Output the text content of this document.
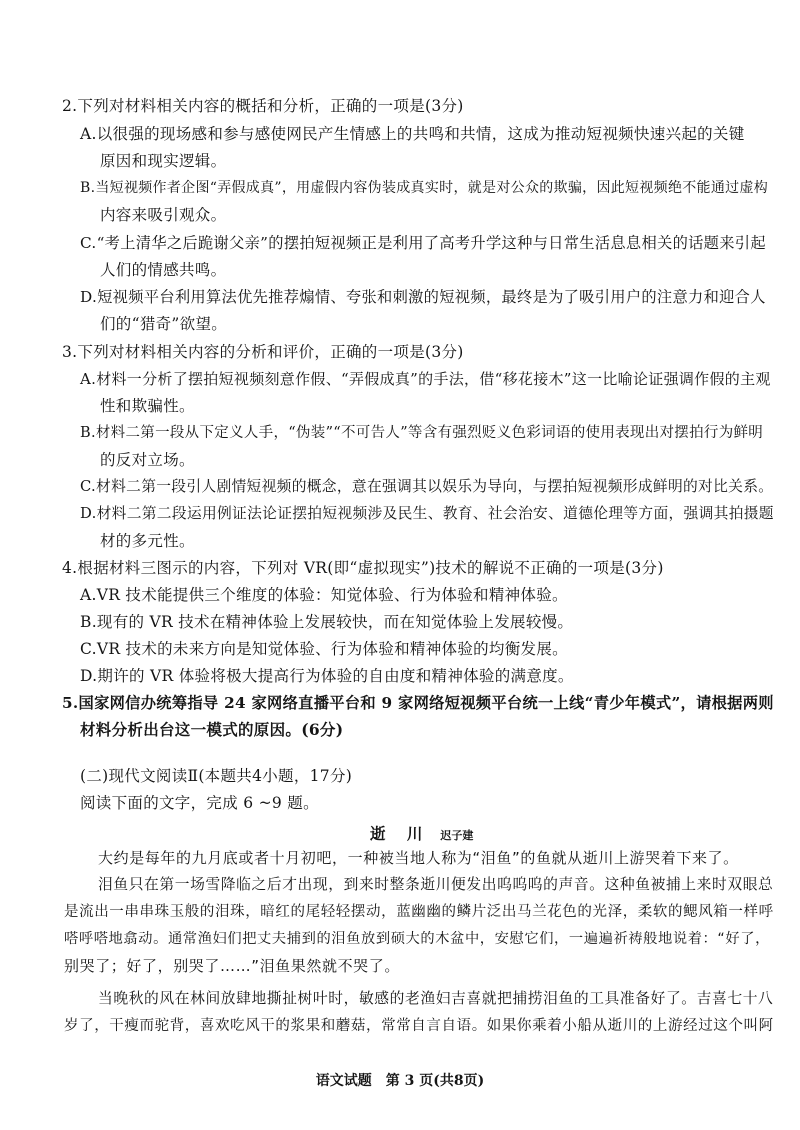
2.下列对材料相关内容的概括和分析，正确的一项是(3分)
A.以很强的现场感和参与感使网民产生情感上的共鸣和共情，这成为推动短视频快速兴起的关键
原因和现实逻辑。
B.当短视频作者企图“弄假成真”，用虚假内容伪装成真实时，就是对公众的欺骗，因此短视频绝不能通过虚构
内容来吸引观众。
C.“考上清华之后跪谢父亲”的摆拍短视频正是利用了高考升学这种与日常生活息息相关的话题来引起
人们的情感共鸣。
D.短视频平台利用算法优先推荐煽情、夸张和刺激的短视频，最终是为了吸引用户的注意力和迎合人
们的“猎奇”欲望。
3.下列对材料相关内容的分析和评价，正确的一项是(3分)
A.材料一分析了摆拍短视频刻意作假、“弄假成真”的手法，借“移花接木”这一比喻论证强调作假的主观
性和欺骗性。
B.材料二第一段从下定义人手，“伪装”“不可告人”等含有强烈贬义色彩词语的使用表现出对摆拍行为鲜明
的反对立场。
C.材料二第一段引人剧情短视频的概念，意在强调其以娱乐为导向，与摆拍短视频形成鲜明的对比关系。
D.材料二第二段运用例证法论证摆拍短视频涉及民生、教育、社会治安、道德伦理等方面，强调其拍摄题
材的多元性。
4.根据材料三图示的内容，下列对 VR(即“虚拟现实”)技术的解说不正确的一项是(3分)
A.VR 技术能提供三个维度的体验：知觉体验、行为体验和精神体验。
B.现有的 VR 技术在精神体验上发展较快，而在知觉体验上发展较慢。
C.VR 技术的未来方向是知觉体验、行为体验和精神体验的均衡发展。
D.期许的 VR 体验将极大提高行为体验的自由度和精神体验的满意度。
5.国家网信办统筹指导 24 家网络直播平台和 9 家网络短视频平台统一上线“青少年模式”，请根据两则
材料分析出台这一模式的原因。(6分)
(二)现代文阅读Ⅱ(本题共4小题，17分)
阅读下面的文字，完成 6 ~9 题。
逝 川 迟子建
大约是每年的九月底或者十月初吧，一种被当地人称为“泪鱼”的鱼就从逝川上游哭着下来了。
泪鱼只在第一场雪降临之后才出现，到来时整条逝川便发出呜呜呜的声音。这种鱼被捕上来时双眼总
是流出一串串珠玉般的泪珠，暗红的尾轻轻摆动，蓝幽幽的鳞片泛出马兰花色的光泽，柔软的鳃风箱一样呼
嗒呼嗒地翕动。通常渔妇们把丈夫捕到的泪鱼放到硕大的木盆中，安慰它们，一遍遍祈祷般地说着：“好了，
别哭了；好了，别哭了……”泪鱼果然就不哭了。
当晚秋的风在林间放肆地撕扯树叶时，敏感的老渔妇吉喜就把捕捞泪鱼的工具准备好了。吉喜七十八
岁了，干瘦而驼背，喜欢吃风干的浆果和蘑菇，常常自言自语。如果你乘着小船从逝川的上游经过这个叫阿
语文试题　第 3 页(共8页)
